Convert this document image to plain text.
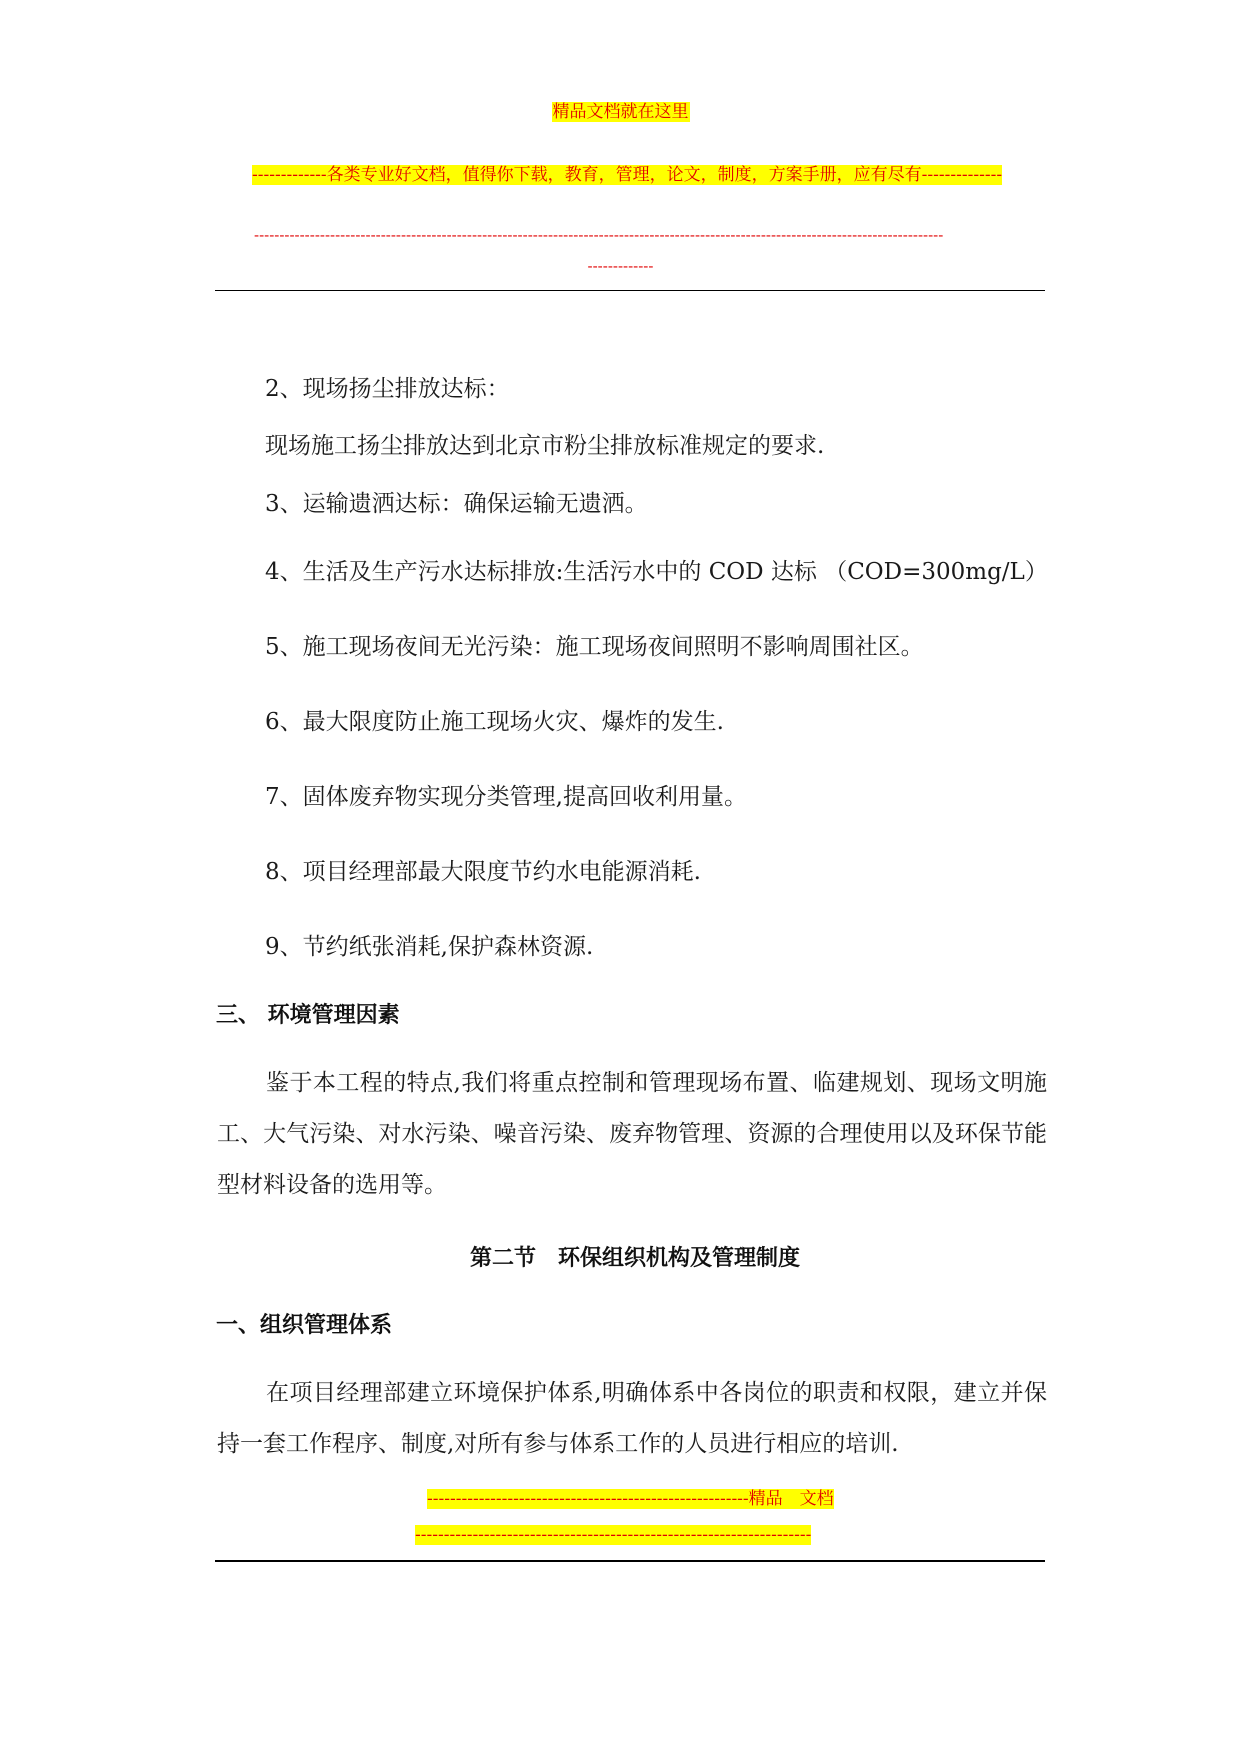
精品文档就在这里
-------------各类专业好文档，值得你下载，教育，管理，论文，制度，方案手册，应有尽有--------------
----------------------------------------------------------------------------------------------------------------------------------------
-------------
2、现场扬尘排放达标：
现场施工扬尘排放达到北京市粉尘排放标准规定的要求.
3、运输遗洒达标：确保运输无遗洒。
4、生活及生产污水达标排放:生活污水中的 COD 达标 （COD=300mg/L）
5、施工现场夜间无光污染：施工现场夜间照明不影响周围社区。
6、最大限度防止施工现场火灾、爆炸的发生.
7、固体废弃物实现分类管理,提高回收利用量。
8、项目经理部最大限度节约水电能源消耗.
9、节约纸张消耗,保护森林资源.
三、 环境管理因素
鉴于本工程的特点,我们将重点控制和管理现场布置、临建规划、现场文明施工、大气污染、对水污染、噪音污染、废弃物管理、资源的合理使用以及环保节能型材料设备的选用等。
第二节　环保组织机构及管理制度
一、组织管理体系
在项目经理部建立环境保护体系,明确体系中各岗位的职责和权限，建立并保持一套工作程序、制度,对所有参与体系工作的人员进行相应的培训.
--------------------------------------------------------精品　文档
---------------------------------------------------------------------
